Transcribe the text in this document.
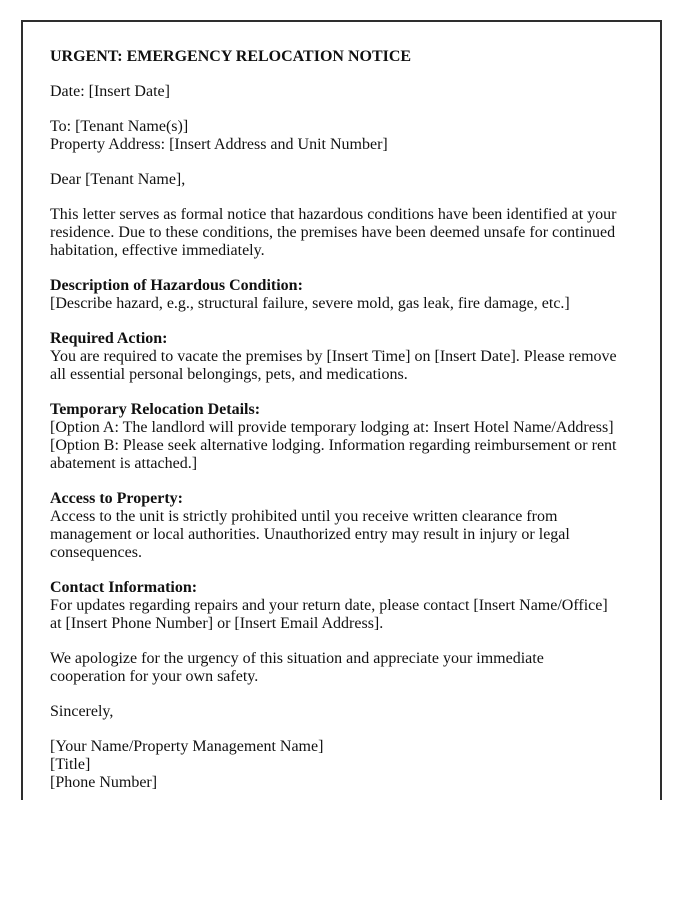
URGENT: EMERGENCY RELOCATION NOTICE
Date: [Insert Date]
To: [Tenant Name(s)]
Property Address: [Insert Address and Unit Number]
Dear [Tenant Name],
This letter serves as formal notice that hazardous conditions have been identified at your residence. Due to these conditions, the premises have been deemed unsafe for continued habitation, effective immediately.
Description of Hazardous Condition:
[Describe hazard, e.g., structural failure, severe mold, gas leak, fire damage, etc.]
Required Action:
You are required to vacate the premises by [Insert Time] on [Insert Date]. Please remove all essential personal belongings, pets, and medications.
Temporary Relocation Details:
[Option A: The landlord will provide temporary lodging at: Insert Hotel Name/Address]
[Option B: Please seek alternative lodging. Information regarding reimbursement or rent abatement is attached.]
Access to Property:
Access to the unit is strictly prohibited until you receive written clearance from management or local authorities. Unauthorized entry may result in injury or legal consequences.
Contact Information:
For updates regarding repairs and your return date, please contact [Insert Name/Office] at [Insert Phone Number] or [Insert Email Address].
We apologize for the urgency of this situation and appreciate your immediate cooperation for your own safety.
Sincerely,
[Your Name/Property Management Name]
[Title]
[Phone Number]
